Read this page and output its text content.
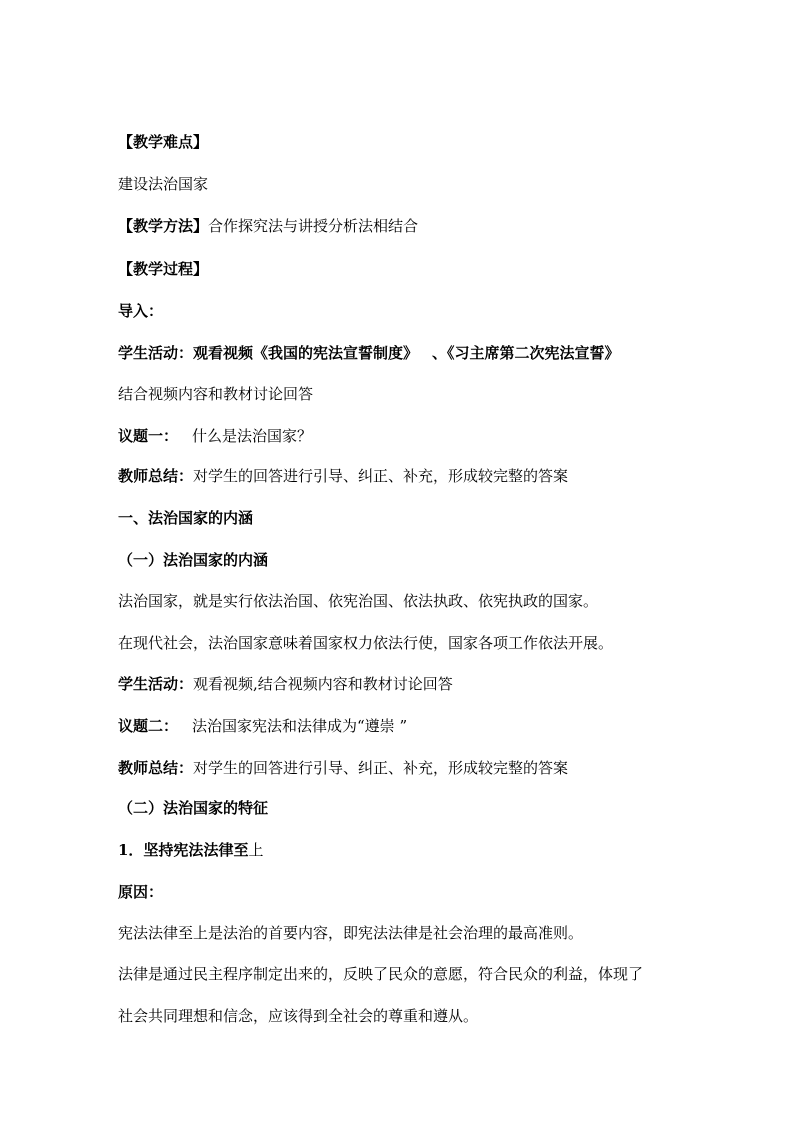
【教学难点】
建设法治国家
【教学方法】合作探究法与讲授分析法相结合
【教学过程】
导入：
学生活动：观看视频《我国的宪法宣誓制度》 、《习主席第二次宪法宣誓》
结合视频内容和教材讨论回答
议题一： 什么是法治国家？
教师总结：对学生的回答进行引导、纠正、补充，形成较完整的答案
一、法治国家的内涵
（一）法治国家的内涵
法治国家，就是实行依法治国、依宪治国、依法执政、依宪执政的国家。
在现代社会，法治国家意味着国家权力依法行使，国家各项工作依法开展。
学生活动：观看视频,结合视频内容和教材讨论回答
议题二： 法治国家宪法和法律成为“遵崇 ”
教师总结：对学生的回答进行引导、纠正、补充，形成较完整的答案
（二）法治国家的特征
1．坚持宪法法律至上
原因：
宪法法律至上是法治的首要内容，即宪法法律是社会治理的最高准则。
法律是通过民主程序制定出来的，反映了民众的意愿，符合民众的利益，体现了
社会共同理想和信念，应该得到全社会的尊重和遵从。
